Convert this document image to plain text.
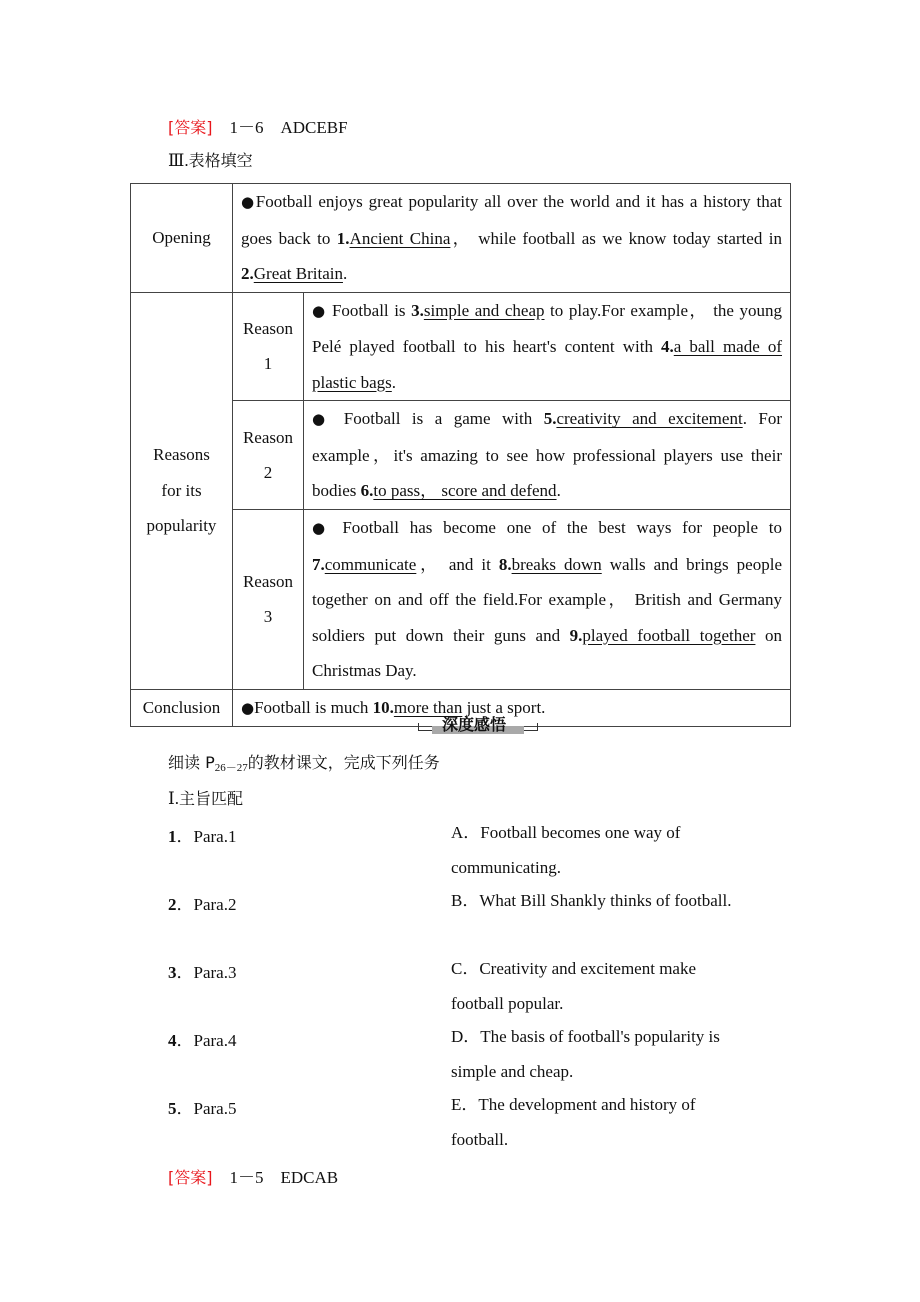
[答案] 1－6 ADCEBF
Ⅲ.表格填空
Opening	●Football enjoys great popularity all over the world and it has a history that goes back to 1.Ancient China， while football as we know today started in 2.Great Britain.	
Reasons
for its
popularity	Reason
1	● Football is 3.simple and cheap to play.For example， the young Pelé played football to his heart's content with 4.a ball made of plastic bags.
	Reason
2	● Football is a game with 5.creativity and excitement. For example，it's amazing to see how professional players use their bodies 6.to pass， score and defend.
	Reason
3	● Football has become one of the best ways for people to 7.communicate， and it 8.breaks down walls and brings people together on and off the field.For example， British and Germany soldiers put down their guns and 9.played football together on Christmas Day.
Conclusion	●Football is much 10.more than just a sport.	
深度感悟
细读 $P_{26-27}$的教材课文，完成下列任务
Ⅰ.主旨匹配
1．Para.1	A．Football becomes one way of communicating.
2．Para.2	B．What Bill Shankly thinks of football.
3．Para.3	C．Creativity and excitement make football popular.
4．Para.4	D．The basis of football's popularity is simple and cheap.
5．Para.5	E．The development and history of football.
[答案] 1－5 EDCAB
